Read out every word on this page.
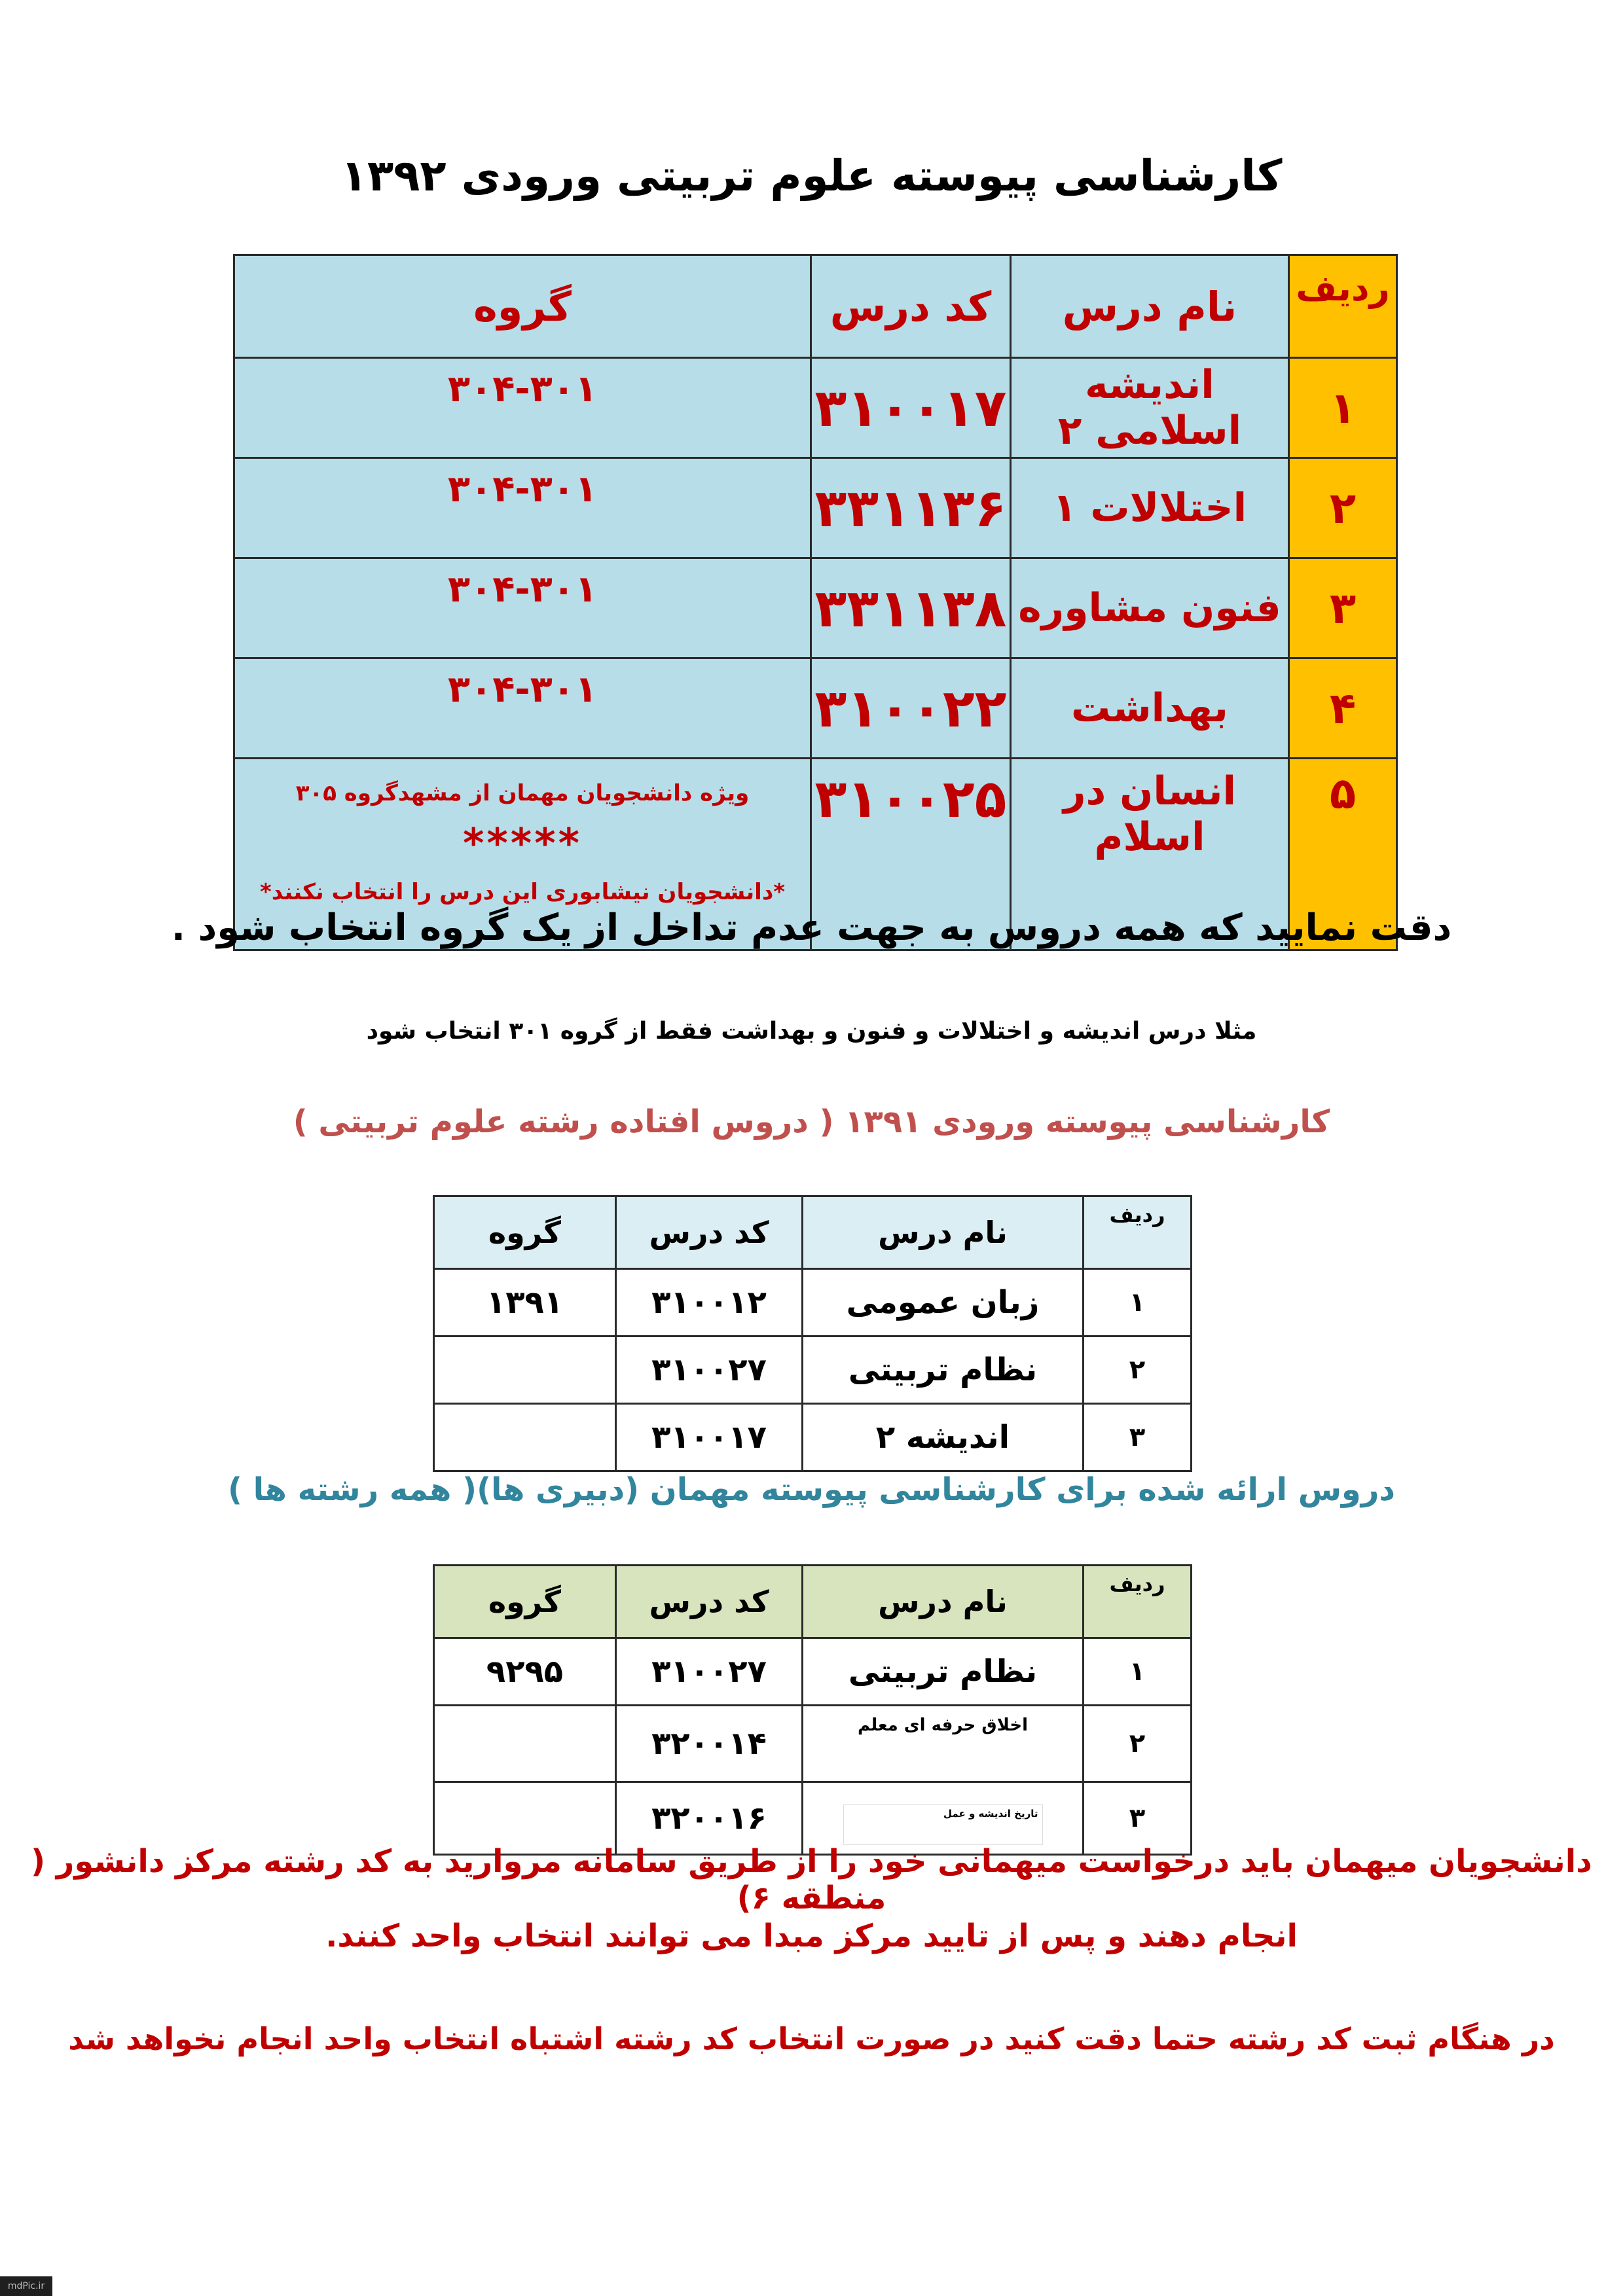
کارشناسی پیوسته علوم تربیتی ورودی ۱۳۹۲
ردیف	نام درس	کد درس	گروه
۱	اندیشه اسلامی ۲	۳۱۰۰۱۷	۳۰۴-۳۰۱
۲	اختلالات ۱	۳۳۱۱۳۶	۳۰۴-۳۰۱
۳	فنون مشاوره	۳۳۱۱۳۸	۳۰۴-۳۰۱
۴	بهداشت	۳۱۰۰۲۲	۳۰۴-۳۰۱
۵	انسان در اسلام	۳۱۰۰۲۵	ویژه دانشجویان مهمان از مشهدگروه ۳۰۵
*****
*دانشجویان نیشابوری این درس را انتخاب نکنند*
دقت نمایید که همه دروس به جهت عدم تداخل از یک گروه انتخاب شود .
مثلا درس اندیشه و اختلالات و فنون و بهداشت فقط از گروه ۳۰۱ انتخاب شود
کارشناسی پیوسته ورودی ۱۳۹۱ ( دروس افتاده رشته علوم تربیتی )
ردیف	نام درس	کد درس	گروه
۱	زبان عمومی	۳۱۰۰۱۲	۱۳۹۱
۲	نظام تربیتی	۳۱۰۰۲۷	
۳	اندیشه ۲	۳۱۰۰۱۷	
دروس ارائه شده برای کارشناسی پیوسته مهمان (دبیری ها)( همه رشته ها )
ردیف	نام درس	کد درس	گروه
۱	نظام تربیتی	۳۱۰۰۲۷	۹۲۹۵
۲	اخلاق حرفه ای معلم	۳۲۰۰۱۴	
۳	تاریخ اندیشه و عمل	۳۲۰۰۱۶	
دانشجویان میهمان باید درخواست میهمانی خود را از طریق سامانه مروارید به کد رشته مرکز دانشور ( منطقه ۶)
انجام دهند و پس از تایید مرکز مبدا می توانند انتخاب واحد کنند.
در هنگام ثبت کد رشته حتما دقت کنید در صورت انتخاب کد رشته اشتباه انتخاب واحد انجام نخواهد شد
mdPic.ir
